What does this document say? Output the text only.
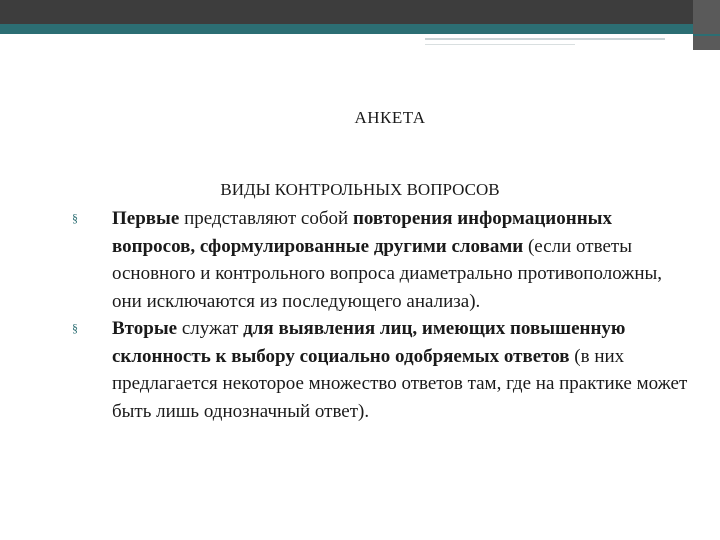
АНКЕТА
ВИДЫ КОНТРОЛЬНЫХ ВОПРОСОВ
§ Первые представляют собой повторения информационных вопросов, сформулированные другими словами (если ответы основного и контрольного вопроса диаметрально противоположны, они исключаются из последующего анализа).
§ Вторые служат для выявления лиц, имеющих повышенную склонность к выбору социально одобряемых ответов (в них предлагается некоторое множество ответов там, где на практике может быть лишь однозначный ответ).
